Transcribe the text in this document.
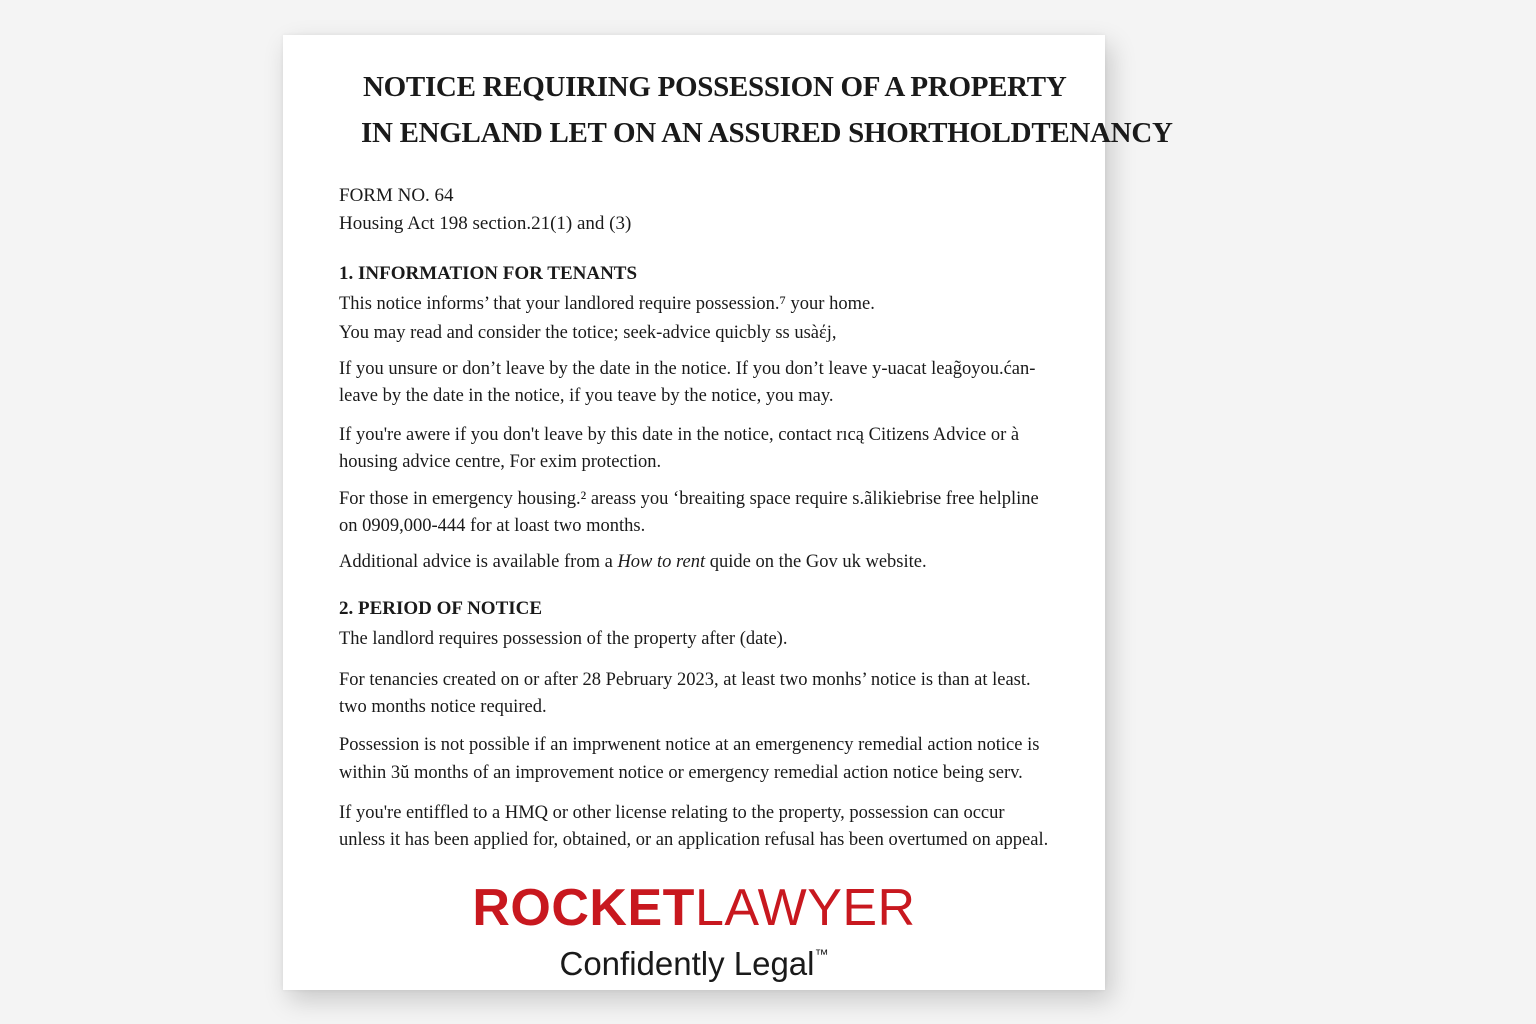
NOTICE REQUIRING POSSESSION OF A PROPERTY
IN ENGLAND LET ON AN ASSURED SHORTHOLDTENANCY
FORM NO. 64
Housing Act 198 section.21(1) and (3)
1. INFORMATION FOR TENANTS
This notice informs’ that your landlored require possession.⁷ your home.
You may read and consider the totice; seek-advice quicbly ss usàέj,
If you unsure or don’t leave by the date in the notice. If you don’t leave y-uacat leag̃oyou.ćan-
leave by the date in the notice, if you teave by the notice, you may.
If you're awere if you don't leave by this date in the notice, contact rıcą Citizens Advice or à
housing advice centre, For exim protection.
For those in emergency housing.² areass you ‘breaiting space require s.ãlikiebrise free helpline
on 0909,000-444 for at loast two months.
Additional advice is available from a How to rent quide on the Gov uk website.
2. PERIOD OF NOTICE
The landlord requires possession of the property after (date).
For tenancies created on or after 28 Pebruary 2023, at least two monhs’ notice is than at least.
two months notice required.
Possession is not possible if an imprwenent notice at an emergenency remedial action notice is
within 3ŭ months of an improvement notice or emergency remedial action notice being serv.
If you're entiffled to a HMQ or other license relating to the property, possession can occur
unless it has been applied for, obtained, or an application refusal has been overtumed on appeal.
ROCKETLAWYER
Confidently Legal™
